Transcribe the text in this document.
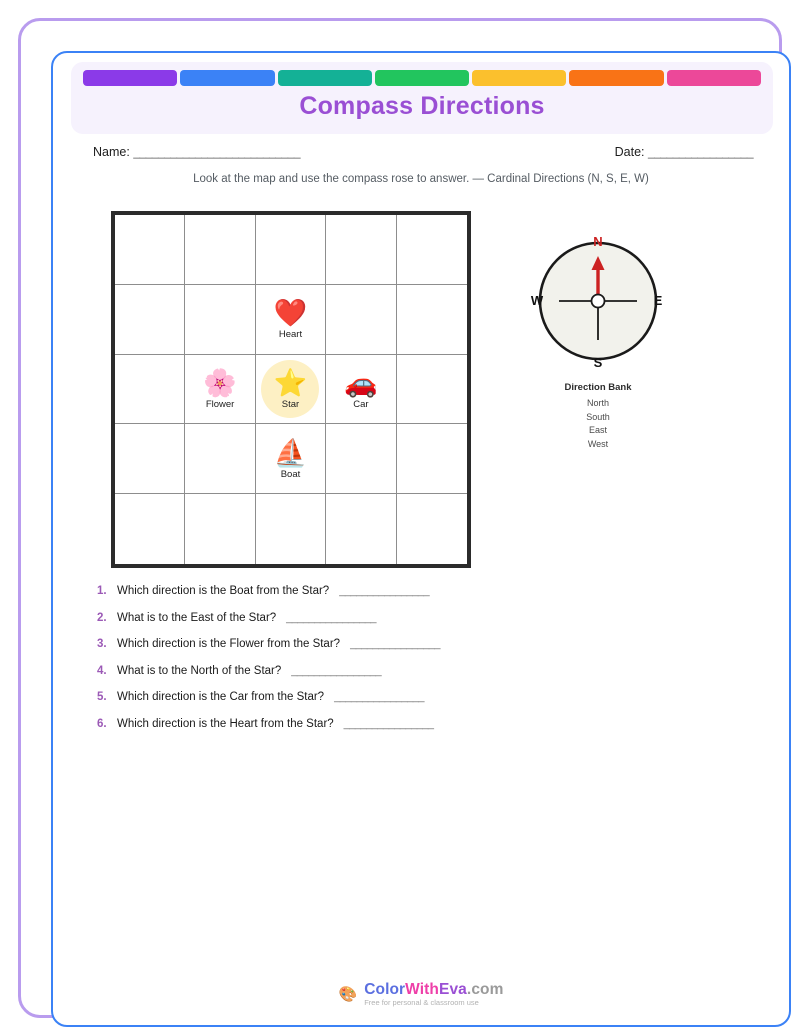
Compass Directions
Name: ___________________________	Date: _________________
Look at the map and use the compass rose to answer. — Cardinal Directions (N, S, E, W)
❤️
Heart
🌸
Flower
⭐
Star
🚗
Car
⛵
Boat
N
S
E
W
Direction Bank
North
South
East
West
1. Which direction is the Boat from the Star? ________________
2. What is to the East of the Star? ________________
3. Which direction is the Flower from the Star? ________________
4. What is to the North of the Star? ________________
5. Which direction is the Car from the Star? ________________
6. Which direction is the Heart from the Star? ________________
🎨 ColorWithEva.com
Free for personal & classroom use
